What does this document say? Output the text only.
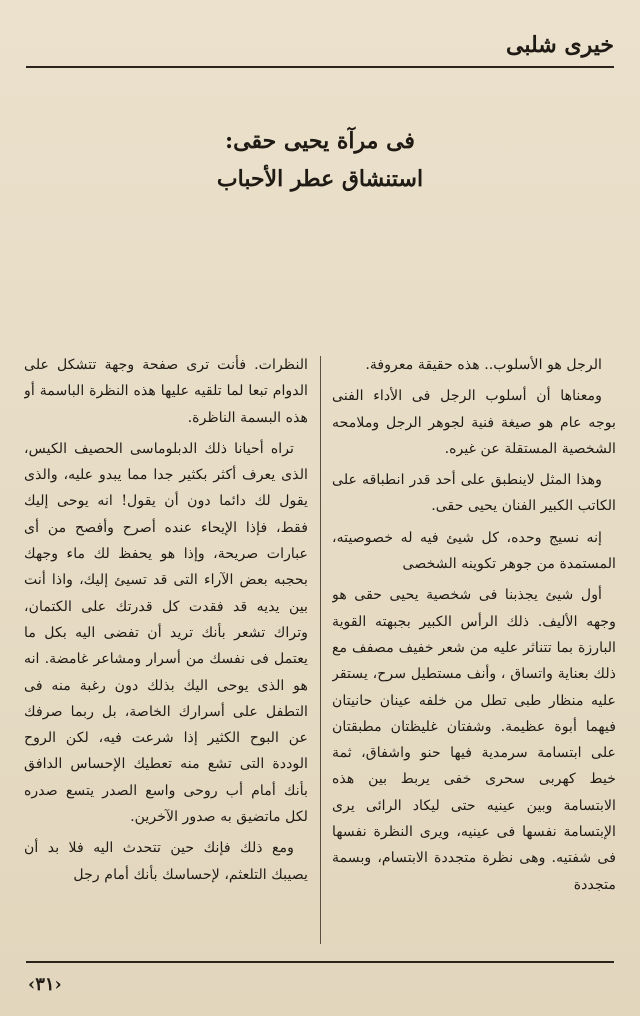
خيرى شلبى
فى مرآة يحيى حقى:
استنشاق عطر الأحباب

الرجل هو الأسلوب.. هذه حقيقة معروفة.

ومعناها أن أسلوب الرجل فى الأداء الفنى بوجه عام هو صيغة فنية لجوهر الرجل وملامحه الشخصية المستقلة عن غيره.

وهذا المثل لاينطبق على أحد قدر انطباقه على الكاتب الكبير الفنان يحيى حقى.

إنه نسيج وحده، كل شيئ فيه له خصوصيته، المستمدة من جوهر تكوينه الشخصى

أول شيئ يجذبنا فى شخصية يحيى حقى هو وجهه الأليف. ذلك الرأس الكبير بجبهته القوية البارزة بما تتناثر عليه من شعر خفيف مصفف مع ذلك بعناية واتساق ، وأنف مستطيل سرح، يستقر عليه منظار طبى تطل من خلفه عينان حانيتان فيهما أبوة عظيمة. وشفتان غليظتان مطبقتان على ابتسامة سرمدية فيها حنو واشفاق، ثمة خيط كهربى سحرى خفى يربط بين هذه الابتسامة وبين عينيه حتى ليكاد الرائى يرى الإبتسامة نفسها فى عينيه، ويرى النظرة نفسها فى شفتيه. وهى نظرة متجددة الابتسام، وبسمة متجددة

النظرات. فأنت ترى صفحة وجهة تتشكل على الدوام تبعا لما تلقيه عليها هذه النظرة الباسمة أو هذه البسمة الناظرة.

تراه أحيانا ذلك الدبلوماسى الحصيف الكيس، الذى يعرف أكثر بكثير جدا مما يبدو عليه، والذى يقول لك دائما دون أن يقول! انه يوحى إليك فقط، فإذا الإيحاء عنده أصرح وأفصح من أى عبارات صريحة، وإذا هو يحفظ لك ماء وجهك بحجبه بعض الآراء التى قد تسيئ إليك، واذا أنت بين يديه قد فقدت كل قدرتك على الكتمان، وتراك تشعر بأنك تريد أن تفضى اليه بكل ما يعتمل فى نفسك من أسرار ومشاعر غامضة. انه هو الذى يوحى اليك بذلك دون رغبة منه فى التطفل على أسرارك الخاصة، بل ربما صرفك عن البوح الكثير إذا شرعت فيه، لكن الروح الوددة التى تشع منه تعطيك الإحساس الدافق بأنك أمام أب روحى واسع الصدر يتسع صدره لكل ماتضيق به صدور الآخرين.

ومع ذلك فإنك حين تتحدث اليه فلا بد أن يصيبك التلعثم، لإحساسك بأنك أمام رجل

‹٣١›
